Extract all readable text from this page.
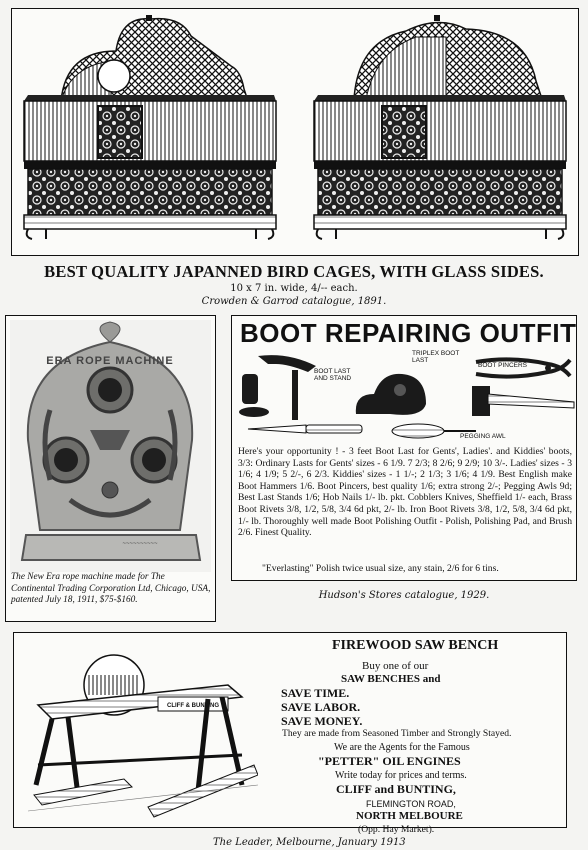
BEST QUALITY JAPANNED BIRD CAGES, WITH GLASS SIDES.
10 x 7 in. wide, 4/-- each.
Crowden & Garrod catalogue, 1891.
ERA ROPE MACHINE
~~~~~~~~~~
The New Era rope machine made for The Continental Trading Corporation Ltd, Chicago, USA, patented July 18, 1911, $75-$160.
BOOT REPAIRING OUTFIT
BOOT LAST AND STAND
TRIPLEX BOOT LAST
BOOT PINCERS
PEGGING AWL
Here's your opportunity ! - 3 feet Boot Last for Gents', Ladies'. and Kiddies' boots, 3/3: Ordinary Lasts for Gents' sizes - 6 1/9. 7 2/3; 8 2/6; 9 2/9; 10 3/-. Ladies' sizes - 3 1/6; 4 1/9; 5 2/-, 6 2/3. Kiddies' sizes - 1 1/-; 2 1/3; 3 1/6; 4 1/9. Best English make Boot Hammers 1/6. Boot Pincers, best quality 1/6; extra strong 2/-; Pegging Awls 9d; Best Last Stands 1/6; Hob Nails 1/- lb. pkt. Cobblers Knives, Sheffield 1/- each, Brass Boot Rivets 3/8, 1/2, 5/8, 3/4 6d pkt, 2/- lb. Iron Boot Rivets 3/8, 1/2, 5/8, 3/4 6d pkt, 1/- lb. Thoroughly well made Boot Polishing Outfit - Polish, Polishing Pad, and Brush 2/6. Finest Quality.
"Everlasting" Polish twice usual size, any stain, 2/6 for 6 tins.
Hudson's Stores catalogue, 1929.
CLIFF & BUNTING
FIREWOOD SAW BENCH
Buy one of our
SAW BENCHES and
SAVE TIME.
SAVE LABOR.
SAVE MONEY.
They are made from Seasoned Timber and Strongly Stayed.
We are the Agents for the Famous
"PETTER" OIL ENGINES
Write today for prices and terms.
CLIFF and BUNTING,
FLEMINGTON ROAD,
NORTH MELBOURE
(Opp. Hay Market).
The Leader, Melbourne, January 1913
